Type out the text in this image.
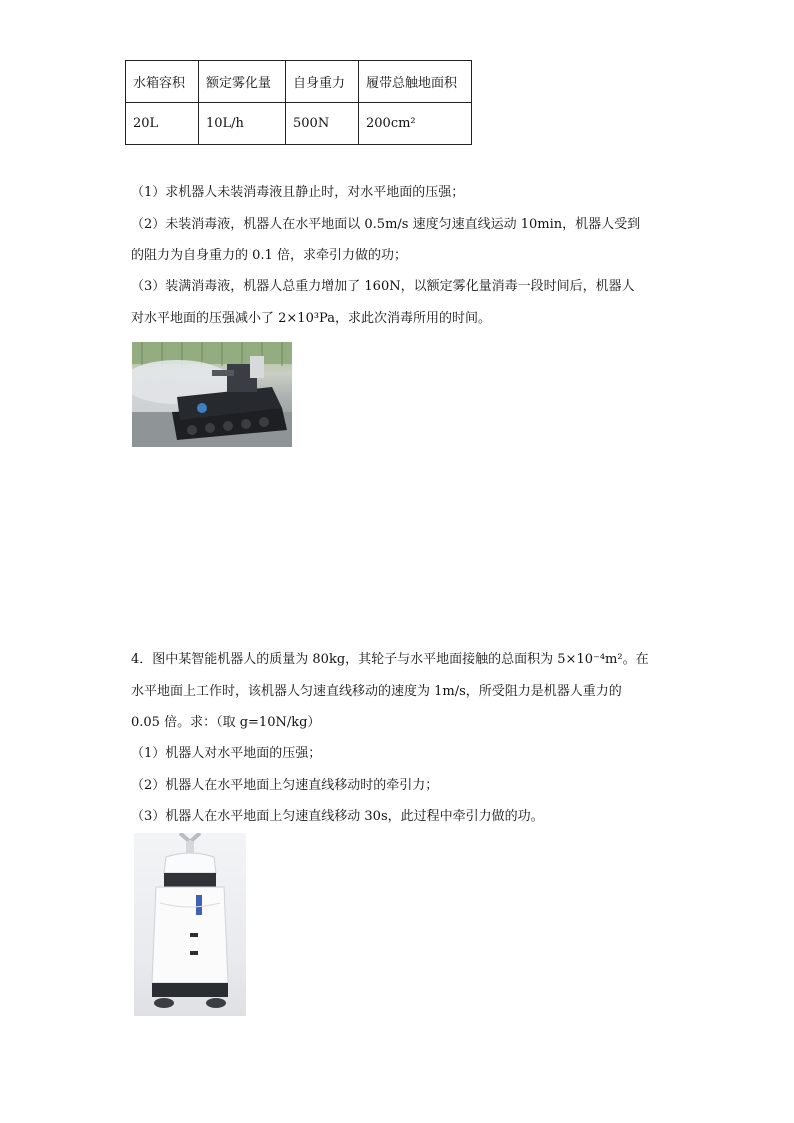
水箱容积	额定雾化量	自身重力	履带总触地面积
20L	10L/h	500N	200cm²
（1）求机器人未装消毒液且静止时，对水平地面的压强；
（2）未装消毒液，机器人在水平地面以 0.5m/s 速度匀速直线运动 10min，机器人受到
的阻力为自身重力的 0.1 倍，求牵引力做的功；
（3）装满消毒液，机器人总重力增加了 160N，以额定雾化量消毒一段时间后，机器人
对水平地面的压强减小了 2×10³Pa，求此次消毒所用的时间。
4．图中某智能机器人的质量为 80kg，其轮子与水平地面接触的总面积为 5×10⁻⁴m²。在
水平地面上工作时，该机器人匀速直线移动的速度为 1m/s，所受阻力是机器人重力的
0.05 倍。求：（取 g=10N/kg）
（1）机器人对水平地面的压强；
（2）机器人在水平地面上匀速直线移动时的牵引力；
（3）机器人在水平地面上匀速直线移动 30s，此过程中牵引力做的功。
